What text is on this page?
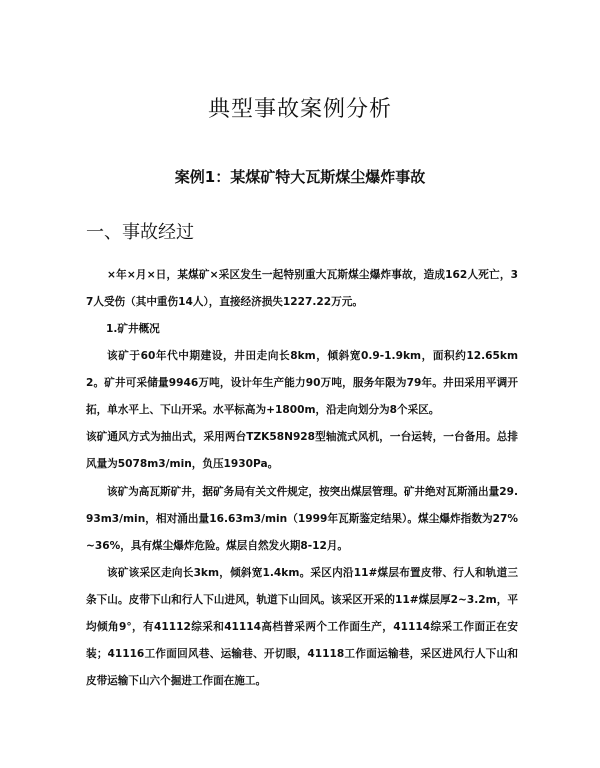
典型事故案例分析
案例1：某煤矿特大瓦斯煤尘爆炸事故
一、事故经过
×年×月×日，某煤矿×采区发生一起特别重大瓦斯煤尘爆炸事故，造成162人死亡，37人受伤（其中重伤14人），直接经济损失1227.22万元。
1.矿井概况
该矿于60年代中期建设，井田走向长8km，倾斜宽0.9-1.9km，面积约12.65km2。矿井可采储量9946万吨，设计年生产能力90万吨，服务年限为79年。井田采用平调开拓，单水平上、下山开采。水平标高为+1800m，沿走向划分为8个采区。
该矿通风方式为抽出式，采用两台TZK58N928型轴流式风机，一台运转，一台备用。总排风量为5078m3/min，负压1930Pa。
该矿为高瓦斯矿井，据矿务局有关文件规定，按突出煤层管理。矿井绝对瓦斯涌出量29.93m3/min，相对涌出量16.63m3/min（1999年瓦斯鉴定结果）。煤尘爆炸指数为27%~36%，具有煤尘爆炸危险。煤层自然发火期8-12月。
该矿该采区走向长3km，倾斜宽1.4km。采区内沿11#煤层布置皮带、行人和轨道三条下山。皮带下山和行人下山进风，轨道下山回风。该采区开采的11#煤层厚2~3.2m，平均倾角9°，有41112综采和41114高档普采两个工作面生产，41114综采工作面正在安装；41116工作面回风巷、运输巷、开切眼，41118工作面运输巷，采区进风行人下山和皮带运输下山六个掘进工作面在施工。
